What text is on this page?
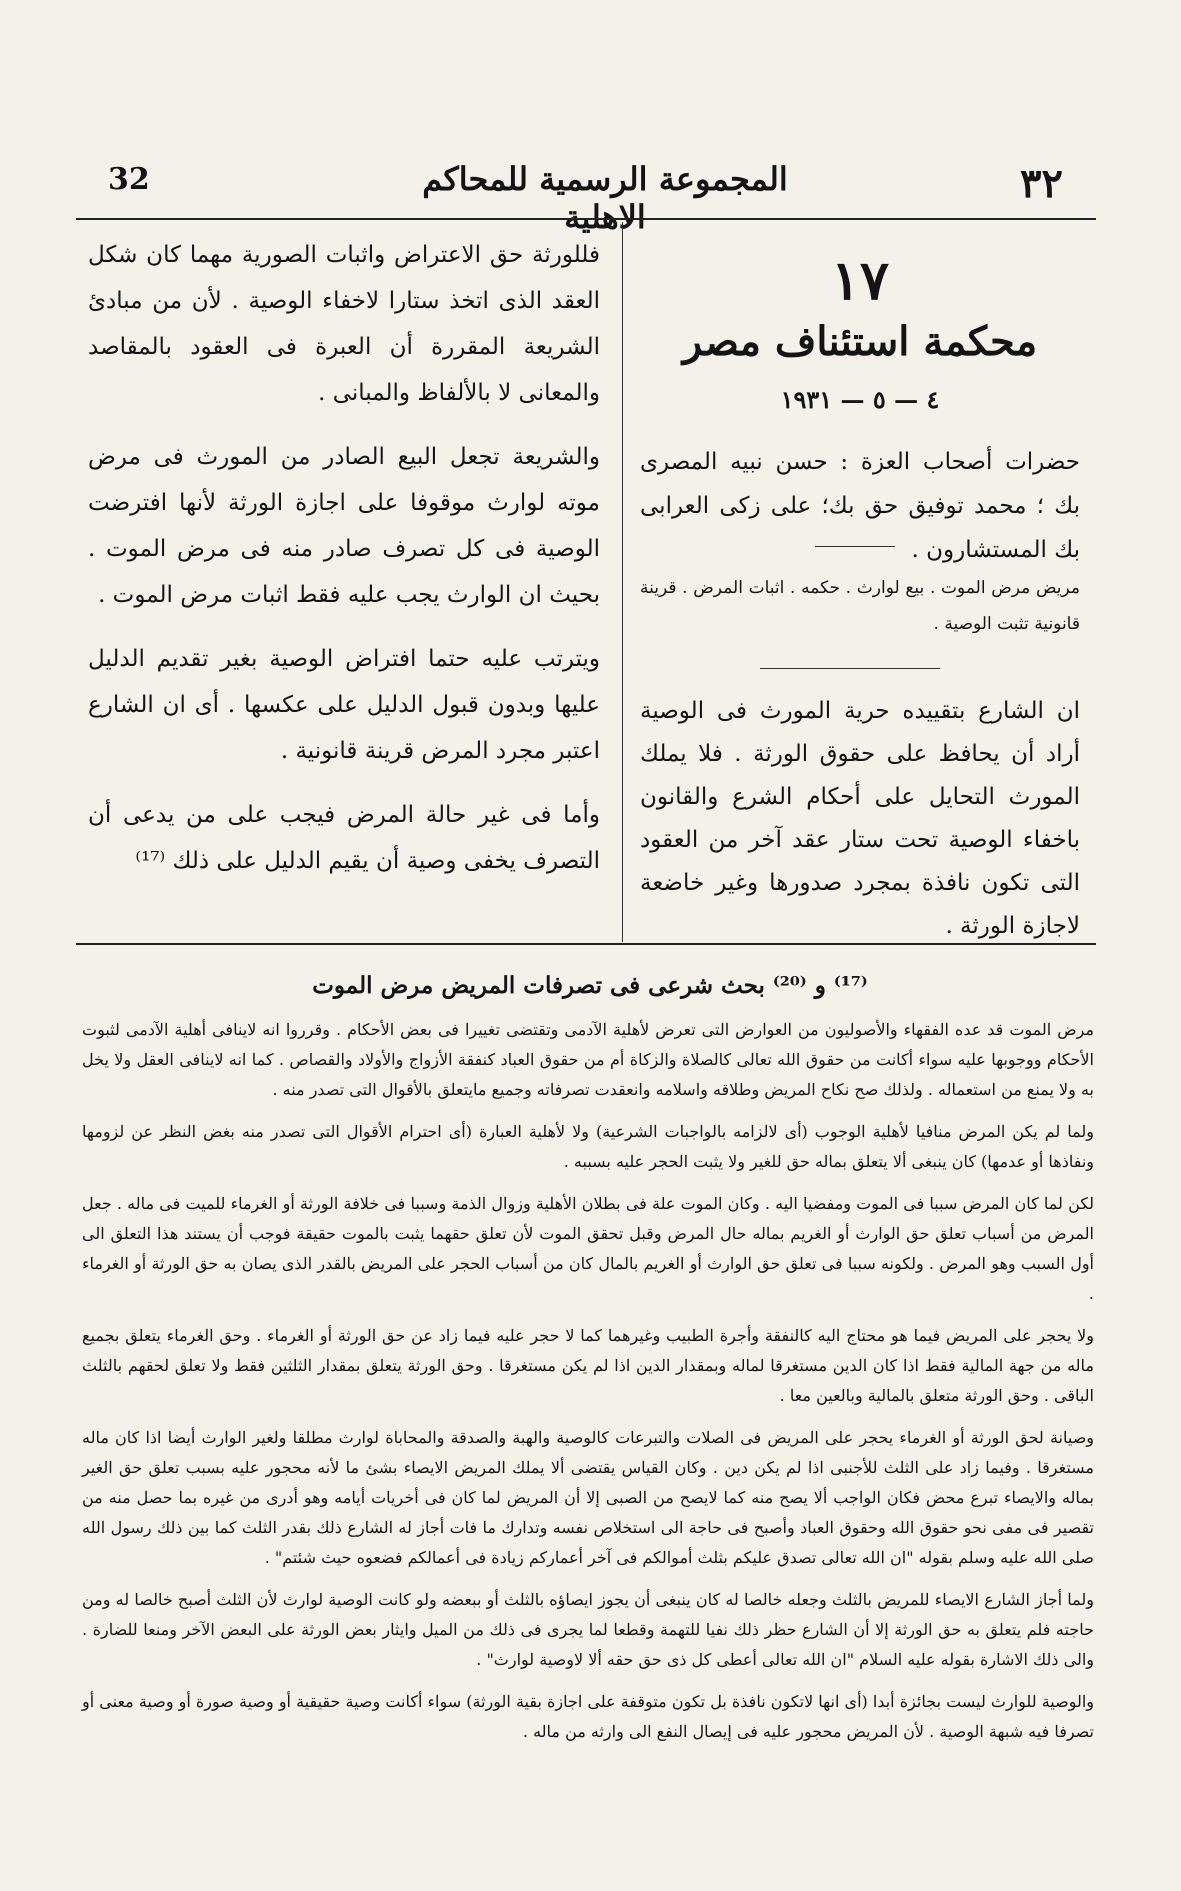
٣٢
المجموعة الرسمية للمحاكم الاهلية
32
١٧
محكمة استئناف مصر
٤ — ٥ — ١٩٣١
حضرات أصحاب العزة : حسن نبيه المصرى بك ؛ محمد توفيق حق بك؛ على زكى العرابى بك المستشارون .
مريض مرض الموت . بيع لوارث . حكمه . اثبات المرض . قرينة قانونية تثبت الوصية .
ان الشارع بتقييده حرية المورث فى الوصية أراد أن يحافظ على حقوق الورثة . فلا يملك المورث التحايل على أحكام الشرع والقانون باخفاء الوصية تحت ستار عقد آخر من العقود التى تكون نافذة بمجرد صدورها وغير خاضعة لاجازة الورثة .

فللورثة حق الاعتراض واثبات الصورية مهما كان شكل العقد الذى اتخذ ستارا لاخفاء الوصية . لأن من مبادئ الشريعة المقررة أن العبرة فى العقود بالمقاصد والمعانى لا بالألفاظ والمبانى .

والشريعة تجعل البيع الصادر من المورث فى مرض موته لوارث موقوفا على اجازة الورثة لأنها افترضت الوصية فى كل تصرف صادر منه فى مرض الموت . بحيث ان الوارث يجب عليه فقط اثبات مرض الموت .

ويترتب عليه حتما افتراض الوصية بغير تقديم الدليل عليها وبدون قبول الدليل على عكسها . أى ان الشارع اعتبر مجرد المرض قرينة قانونية .

وأما فى غير حالة المرض فيجب على من يدعى أن التصرف يخفى وصية أن يقيم الدليل على ذلك ⁽¹⁷⁾

⁽¹⁷⁾ و ⁽²⁰⁾ بحث شرعى فى تصرفات المريض مرض الموت

مرض الموت قد عده الفقهاء والأصوليون من العوارض التى تعرض لأهلية الآدمى وتقتضى تغييرا فى بعض الأحكام . وقرروا انه لاينافى أهلية الآدمى لثبوت الأحكام ووجوبها عليه سواء أكانت من حقوق الله تعالى كالصلاة والزكاة أم من حقوق العباد كنفقة الأزواج والأولاد والقصاص . كما انه لاينافى العقل ولا يخل به ولا يمنع من استعماله . ولذلك صح نكاح المريض وطلاقه واسلامه وانعقدت تصرفاته وجميع مايتعلق بالأقوال التى تصدر منه .

ولما لم يكن المرض منافيا لأهلية الوجوب (أى لالزامه بالواجبات الشرعية) ولا لأهلية العبارة (أى احترام الأقوال التى تصدر منه بغض النظر عن لزومها ونفاذها أو عدمها) كان ينبغى ألا يتعلق بماله حق للغير ولا يثبت الحجر عليه بسببه .

لكن لما كان المرض سببا فى الموت ومفضيا اليه . وكان الموت علة فى بطلان الأهلية وزوال الذمة وسببا فى خلافة الورثة أو الغرماء للميت فى ماله . جعل المرض من أسباب تعلق حق الوارث أو الغريم بماله حال المرض وقبل تحقق الموت لأن تعلق حقهما يثبت بالموت حقيقة فوجب أن يستند هذا التعلق الى أول السبب وهو المرض . ولكونه سببا فى تعلق حق الوارث أو الغريم بالمال كان من أسباب الحجر على المريض بالقدر الذى يصان به حق الورثة أو الغرماء .

ولا يحجر على المريض فيما هو محتاج اليه كالنفقة وأجرة الطبيب وغيرهما كما لا حجر عليه فيما زاد عن حق الورثة أو الغرماء . وحق الغرماء يتعلق بجميع ماله من جهة المالية فقط اذا كان الدين مستغرقا لماله وبمقدار الدين اذا لم يكن مستغرقا . وحق الورثة يتعلق بمقدار الثلثين فقط ولا تعلق لحقهم بالثلث الباقى . وحق الورثة متعلق بالمالية وبالعين معا .

وصيانة لحق الورثة أو الغرماء يحجر على المريض فى الصلات والتبرعات كالوصية والهبة والصدقة والمحاباة لوارث مطلقا ولغير الوارث أيضا اذا كان ماله مستغرقا . وفيما زاد على الثلث للأجنبى اذا لم يكن دين . وكان القياس يقتضى ألا يملك المريض الايصاء بشئ ما لأنه محجور عليه بسبب تعلق حق الغير بماله والايصاء تبرع محض فكان الواجب ألا يصح منه كما لايصح من الصبى إلا أن المريض لما كان فى أخريات أيامه وهو أدرى من غيره بما حصل منه من تقصير فى مفى نحو حقوق الله وحقوق العباد وأصبح فى حاجة الى استخلاص نفسه وتدارك ما فات أجاز له الشارع ذلك بقدر الثلث كما بين ذلك رسول الله صلى الله عليه وسلم بقوله "ان الله تعالى تصدق عليكم بثلث أموالكم فى آخر أعماركم زيادة فى أعمالكم فضعوه حيث شئتم" .

ولما أجاز الشارع الايصاء للمريض بالثلث وجعله خالصا له كان ينبغى أن يجوز ايصاؤه بالثلث أو ببعضه ولو كانت الوصية لوارث لأن الثلث أصبح خالصا له ومن حاجته فلم يتعلق به حق الورثة إلا أن الشارع حظر ذلك نفيا للتهمة وقطعا لما يجرى فى ذلك من الميل وايثار بعض الورثة على البعض الآخر ومنعا للضارة . والى ذلك الاشارة بقوله عليه السلام "ان الله تعالى أعطى كل ذى حق حقه ألا لاوصية لوارث" .

والوصية للوارث ليست بجائزة أبدا (أى انها لاتكون نافذة بل تكون متوقفة على اجازة بقية الورثة) سواء أكانت وصية حقيقية أو وصية صورة أو وصية معنى أو تصرفا فيه شبهة الوصية . لأن المريض محجور عليه فى إيصال النفع الى وارثه من ماله .
